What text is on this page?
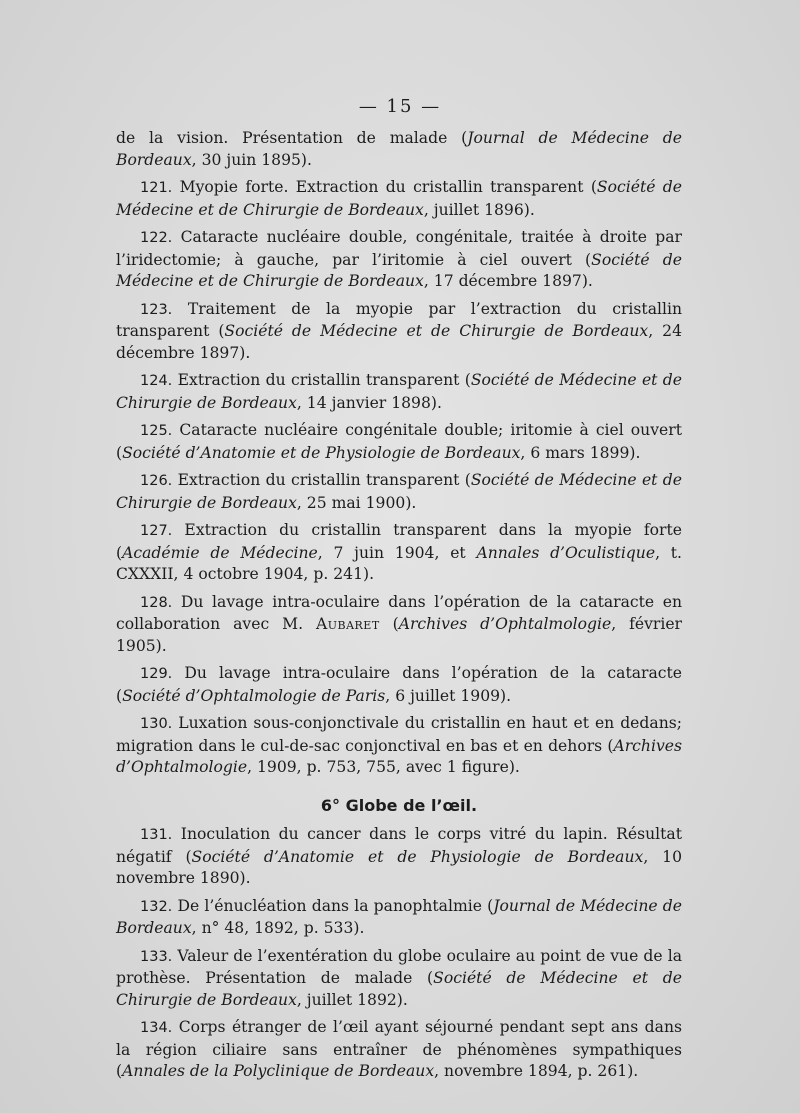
— 15 —

de la vision. Présentation de malade (Journal de Médecine de Bordeaux, 30 juin 1895).

121. Myopie forte. Extraction du cristallin transparent (Société de Médecine et de Chirurgie de Bordeaux, juillet 1896).

122. Cataracte nucléaire double, congénitale, traitée à droite par l’iridectomie; à gauche, par l’iritomie à ciel ouvert (Société de Médecine et de Chirurgie de Bordeaux, 17 décembre 1897).

123. Traitement de la myopie par l’extraction du cristallin transparent (Société de Médecine et de Chirurgie de Bordeaux, 24 décembre 1897).

124. Extraction du cristallin transparent (Société de Médecine et de Chirurgie de Bordeaux, 14 janvier 1898).

125. Cataracte nucléaire congénitale double; iritomie à ciel ouvert (Société d’Anatomie et de Physiologie de Bordeaux, 6 mars 1899).

126. Extraction du cristallin transparent (Société de Médecine et de Chirurgie de Bordeaux, 25 mai 1900).

127. Extraction du cristallin transparent dans la myopie forte (Académie de Médecine, 7 juin 1904, et Annales d’Oculistique, t. CXXXII, 4 octobre 1904, p. 241).

128. Du lavage intra-oculaire dans l’opération de la cataracte en collaboration avec M. Aubaret (Archives d’Ophtalmologie, février 1905).

129. Du lavage intra-oculaire dans l’opération de la cataracte (Société d’Ophtalmologie de Paris, 6 juillet 1909).

130. Luxation sous-conjonctivale du cristallin en haut et en dedans; migration dans le cul-de-sac conjonctival en bas et en dehors (Archives d’Ophtalmologie, 1909, p. 753, 755, avec 1 figure).

6° Globe de l’œil.

131. Inoculation du cancer dans le corps vitré du lapin. Résultat négatif (Société d’Anatomie et de Physiologie de Bordeaux, 10 novembre 1890).

132. De l’énucléation dans la panophtalmie (Journal de Médecine de Bordeaux, n° 48, 1892, p. 533).

133. Valeur de l’exentération du globe oculaire au point de vue de la prothèse. Présentation de malade (Société de Médecine et de Chirurgie de Bordeaux, juillet 1892).

134. Corps étranger de l’œil ayant séjourné pendant sept ans dans la région ciliaire sans entraîner de phénomènes sympathiques (Annales de la Polyclinique de Bordeaux, novembre 1894, p. 261).
